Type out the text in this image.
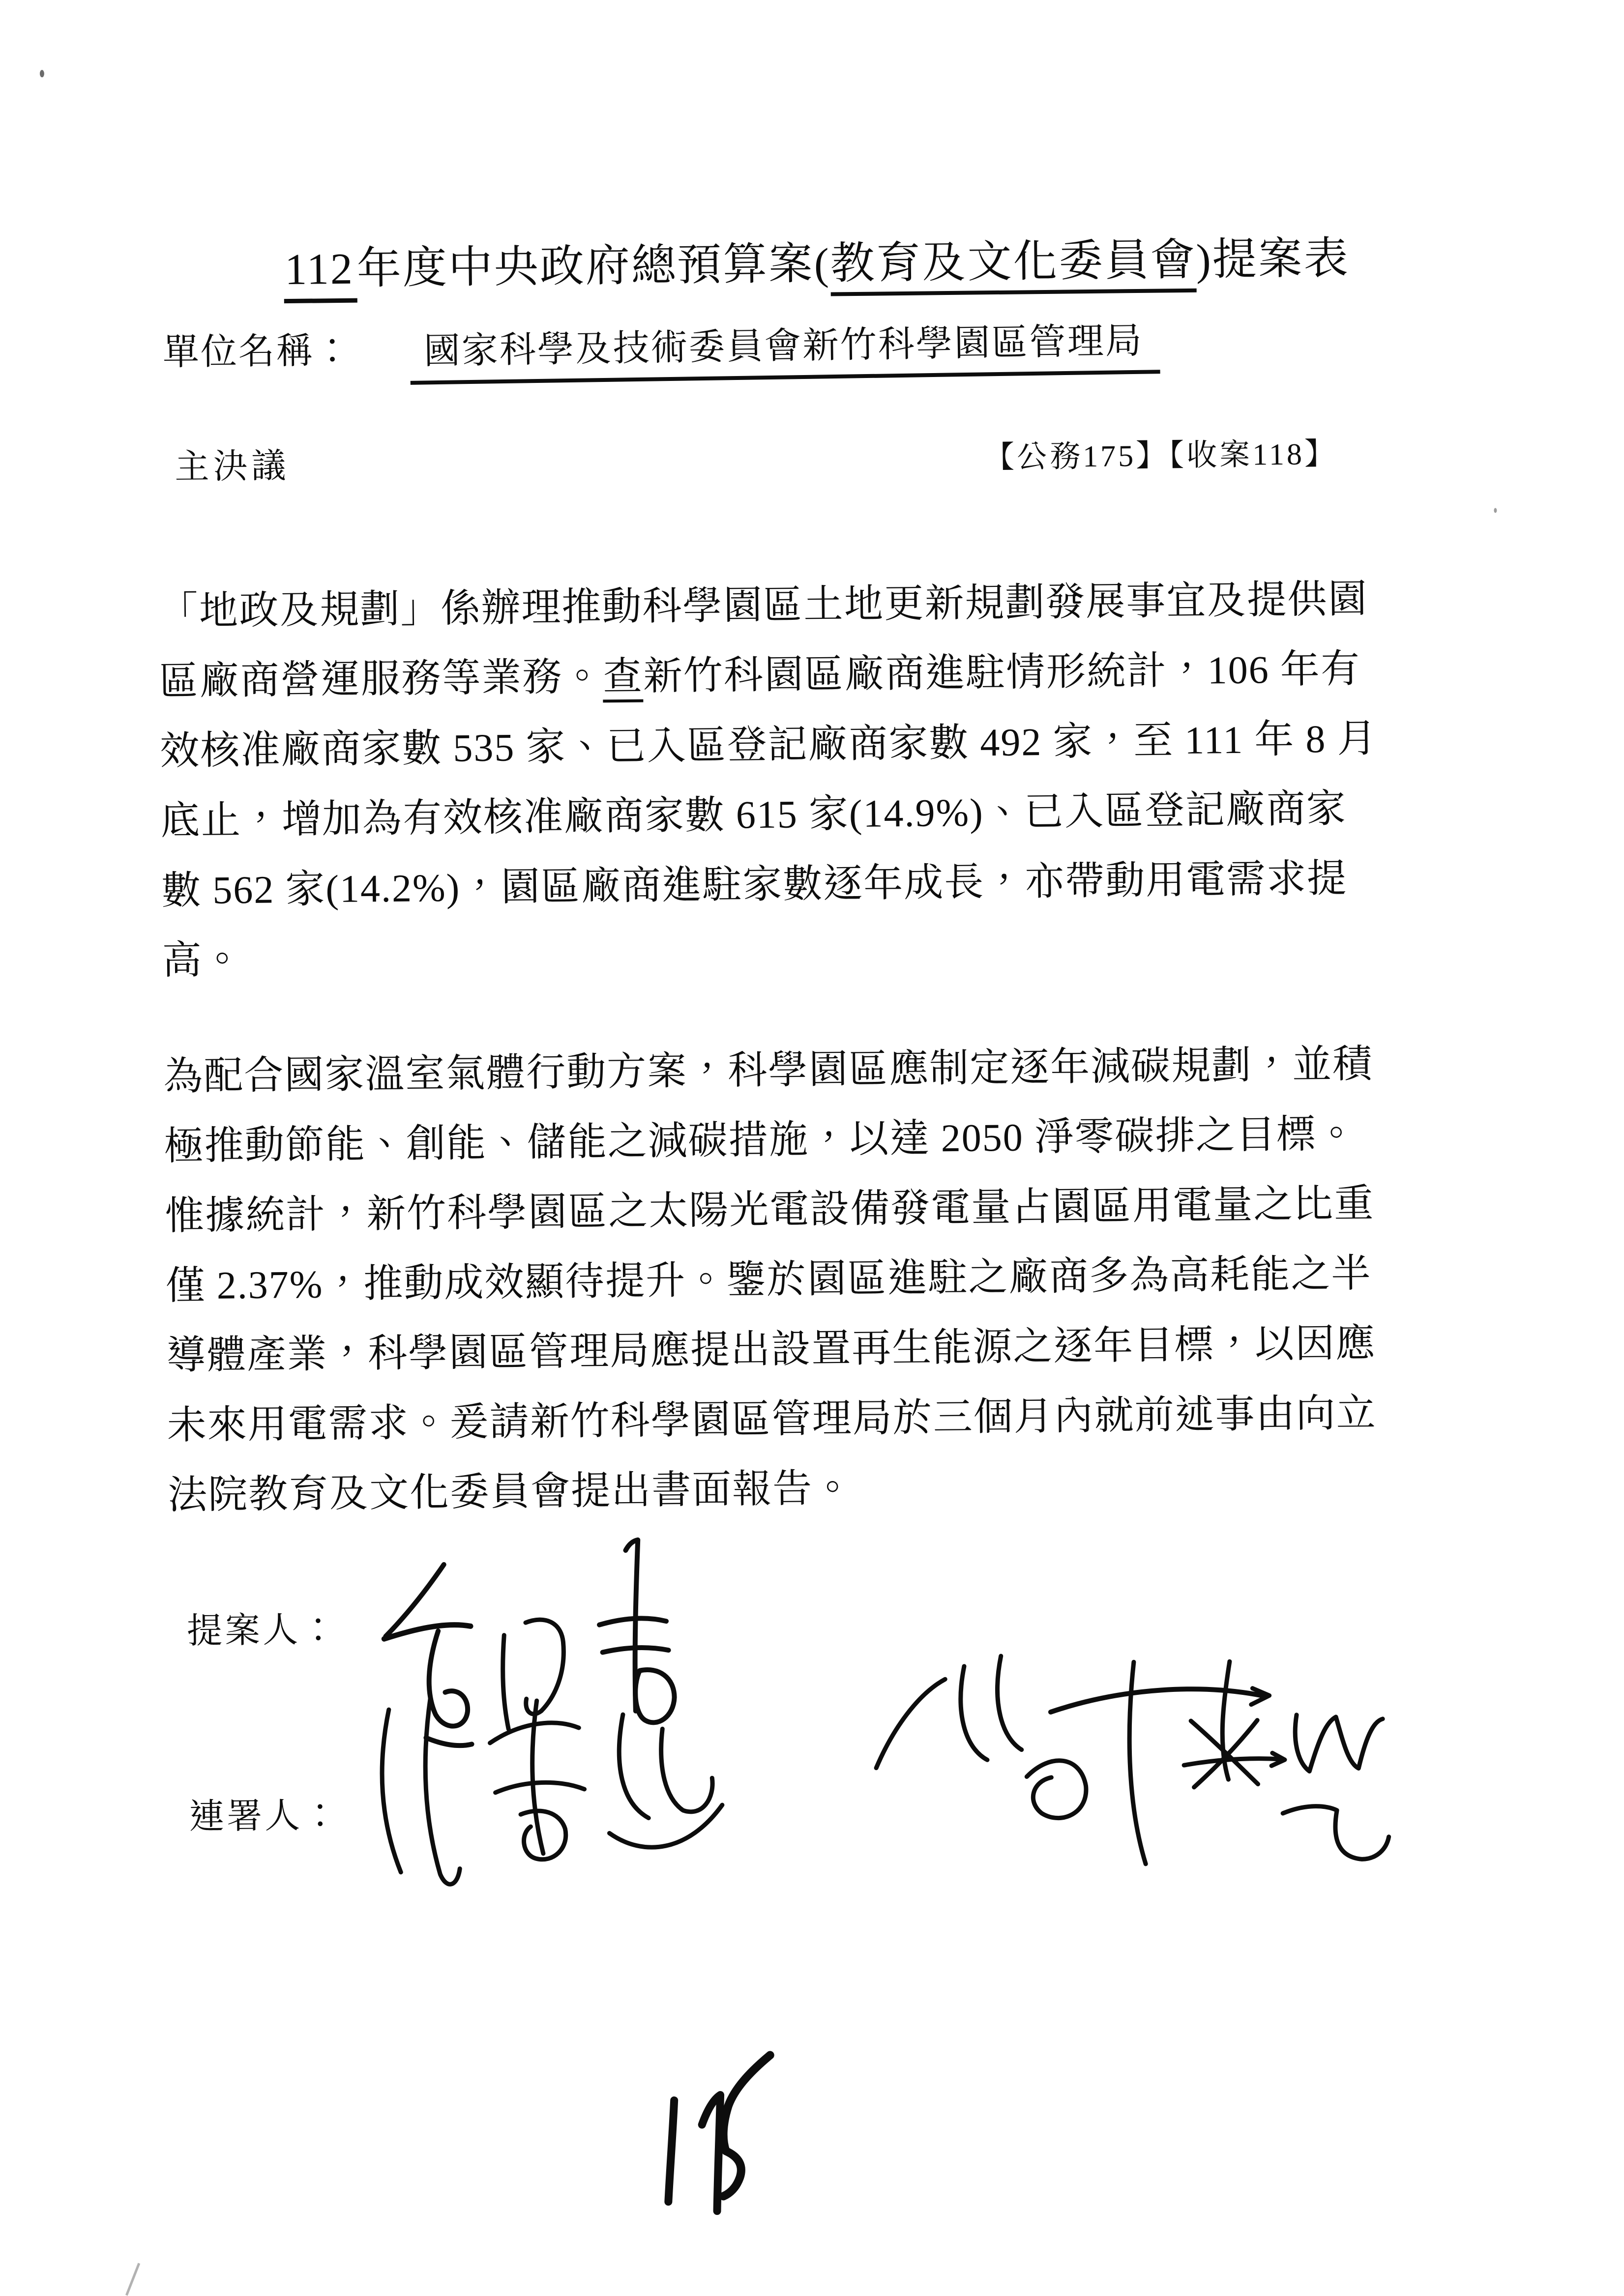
112年度中央政府總預算案(教育及文化委員會)提案表
單位名稱： 國家科學及技術委員會新竹科學園區管理局
主決議	【公務175】【收案118】
「地政及規劃」係辦理推動科學園區土地更新規劃發展事宜及提供園
區廠商營運服務等業務。查新竹科園區廠商進駐情形統計，106 年有
效核准廠商家數 535 家、已入區登記廠商家數 492 家，至 111 年 8 月
底止，增加為有效核准廠商家數 615 家(14.9%)、已入區登記廠商家
數 562 家(14.2%)，園區廠商進駐家數逐年成長，亦帶動用電需求提
高。
為配合國家溫室氣體行動方案，科學園區應制定逐年減碳規劃，並積
極推動節能、創能、儲能之減碳措施，以達 2050 淨零碳排之目標。
惟據統計，新竹科學園區之太陽光電設備發電量占園區用電量之比重
僅 2.37%，推動成效顯待提升。鑒於園區進駐之廠商多為高耗能之半
導體產業，科學園區管理局應提出設置再生能源之逐年目標，以因應
未來用電需求。爰請新竹科學園區管理局於三個月內就前述事由向立
法院教育及文化委員會提出書面報告。
提案人：
連署人：
